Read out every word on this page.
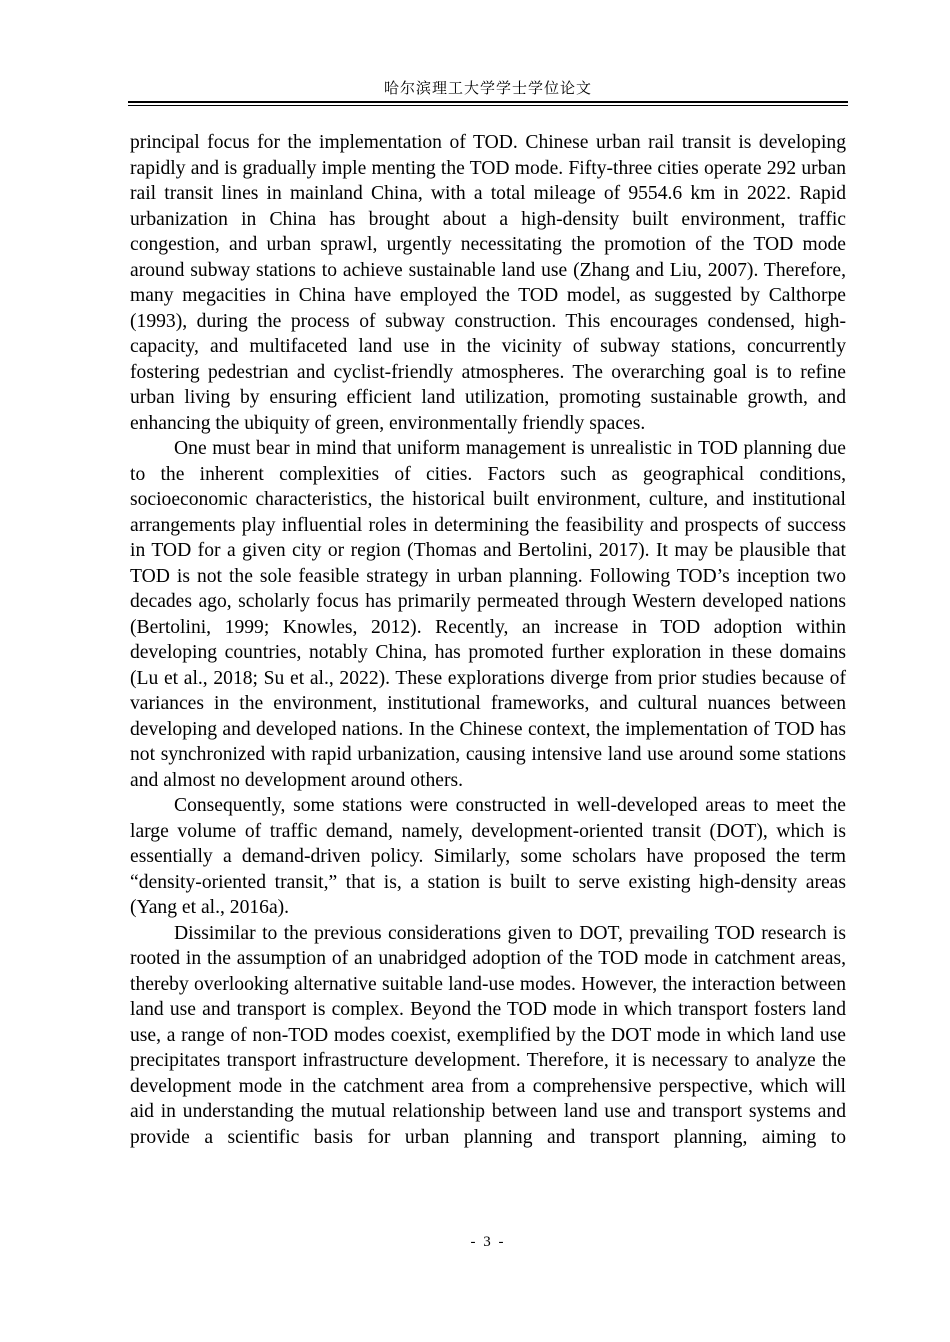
哈尔滨理工大学学士学位论文

principal focus for the implementation of TOD. Chinese urban rail transit is developing rapidly and is gradually imple menting the TOD mode. Fifty-three cities operate 292 urban rail transit lines in mainland China, with a total mileage of 9554.6 km in 2022. Rapid urbanization in China has brought about a high-density built environment, traffic congestion, and urban sprawl, urgently necessitating the promotion of the TOD mode around subway stations to achieve sustainable land use (Zhang and Liu, 2007). Therefore, many megacities in China have employed the TOD model, as suggested by Calthorpe (1993), during the process of subway construction. This encourages condensed, high-capacity, and multifaceted land use in the vicinity of subway stations, concurrently fostering pedestrian and cyclist-friendly atmospheres. The overarching goal is to refine urban living by ensuring efficient land utilization, promoting sustainable growth, and enhancing the ubiquity of green, environmentally friendly spaces.

One must bear in mind that uniform management is unrealistic in TOD planning due to the inherent complexities of cities. Factors such as geographical conditions, socioeconomic characteristics, the historical built environment, culture, and institutional arrangements play influential roles in determining the feasibility and prospects of success in TOD for a given city or region (Thomas and Bertolini, 2017). It may be plausible that TOD is not the sole feasible strategy in urban planning. Following TOD’s inception two decades ago, scholarly focus has primarily permeated through Western developed nations (Bertolini, 1999; Knowles, 2012). Recently, an increase in TOD adoption within developing countries, notably China, has promoted further exploration in these domains (Lu et al., 2018; Su et al., 2022). These explorations diverge from prior studies because of variances in the environment, institutional frameworks, and cultural nuances between developing and developed nations. In the Chinese context, the implementation of TOD has not synchronized with rapid urbanization, causing intensive land use around some stations and almost no development around others.

Consequently, some stations were constructed in well-developed areas to meet the large volume of traffic demand, namely, development-oriented transit (DOT), which is essentially a demand-driven policy. Similarly, some scholars have proposed the term “density-oriented transit,” that is, a station is built to serve existing high-density areas (Yang et al., 2016a).

Dissimilar to the previous considerations given to DOT, prevailing TOD research is rooted in the assumption of an unabridged adoption of the TOD mode in catchment areas, thereby overlooking alternative suitable land-use modes. However, the interaction between land use and transport is complex. Beyond the TOD mode in which transport fosters land use, a range of non-TOD modes coexist, exemplified by the DOT mode in which land use precipitates transport infrastructure development. Therefore, it is necessary to analyze the development mode in the catchment area from a comprehensive perspective, which will aid in understanding the mutual relationship between land use and transport systems and provide a scientific basis for urban planning and transport planning, aiming to

- 3 -
